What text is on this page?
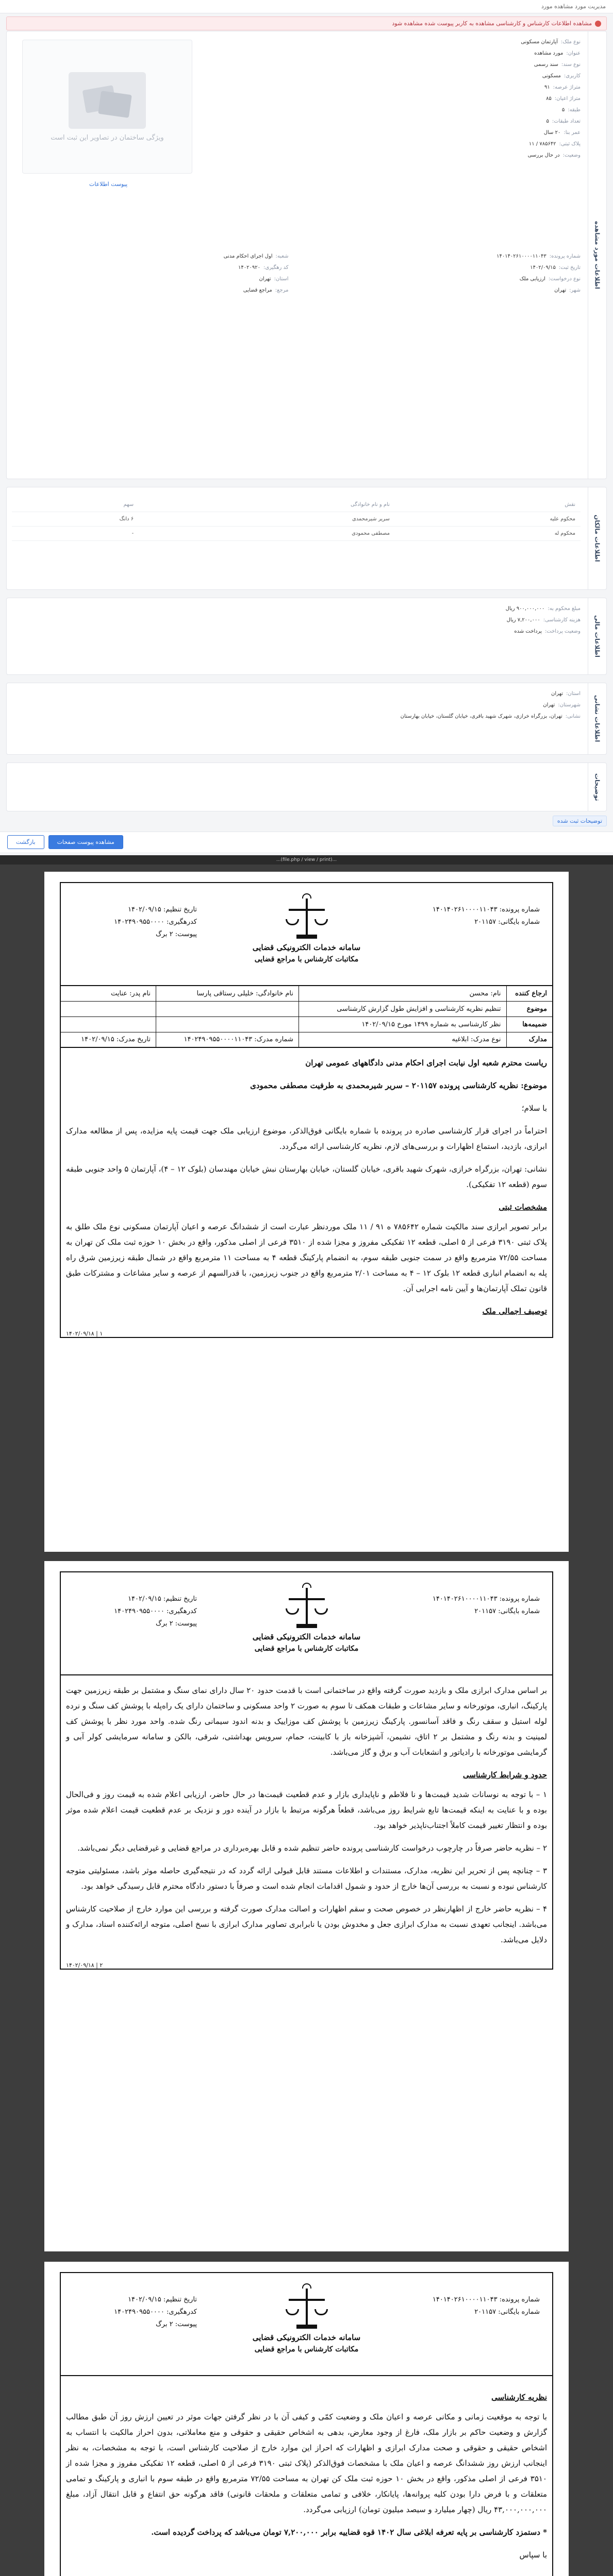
مدیریت مورد مشاهده مورد
مشاهده اطلاعات کارشناس و کارشناسی مشاهده به کاربر پیوست شده مشاهده شود
اطلاعات مورد مشاهده
ویژگی ساختمان در تصاویر این ثبت است
پیوست اطلاعات
نوع ملک:
آپارتمان مسکونی
عنوان:
مورد مشاهده
نوع سند:
سند رسمی
کاربری:
مسکونی
متراژ عرصه:
۹۱
متراژ اعیان:
۸۵
طبقه:
۵
تعداد طبقات:
۵
عمر بنا:
۲۰ سال
پلاک ثبتی:
۷۸۵۶۴۲ / ۱۱
وضعیت:
در حال بررسی
شماره پرونده:
۱۴۰۱۴۰۲۶۱۰۰۰۰۱۱۰۴۳
شعبه:
اول اجرای احکام مدنی
تاریخ ثبت:
۱۴۰۲/۰۹/۱۵
کد رهگیری:
۱۴۰۲۰۹۲۰
نوع درخواست:
ارزیابی ملک
استان:
تهران
شهر:
تهران
مرجع:
مراجع قضایی
اطلاعات مالکان
نقش	نام و نام خانوادگی	سهم
محکوم علیه	سریر شیرمحمدی	۶ دانگ
محکوم له	مصطفی محمودی	-
اطلاعات مالی
مبلغ محکوم به:
۹۰۰,۰۰۰,۰۰۰ ریال
هزینه کارشناسی:
۷,۲۰۰,۰۰۰ ریال
وضعیت پرداخت:
پرداخت شده
اطلاعات نشانی
استان:
تهران
شهرستان:
تهران
نشانی:
تهران، بزرگراه خرازی، شهرک شهید باقری، خیابان گلستان، خیابان بهارستان
توضیحات
توضیحات ثبت شده
مشاهده پیوست صفحات
بازگشت
...(file.php / view / print)...
شماره پرونده: ۱۴۰۱۴۰۲۶۱۰۰۰۰۱۱۰۴۳
شماره بایگانی: ۲۰۱۱۵۷
سامانه خدمات الکترونیکی قضایی
مکاتبات کارشناس با مراجع قضایی
تاریخ تنظیم: ۱۴۰۲/۰۹/۱۵
کدرهگیری: ۱۴۰۲۴۹۰۹۵۵۰۰۰۰
پیوست: ۲ برگ
ارجاع کننده	نام: محسن	نام خانوادگی: خلیلی رستاقی پارسا	نام پدر: عنایت
موضوع	تنظیم نظریه کارشناسی و افزایش طول گزارش کارشناسی		
ضمیمه‌ها	نظر کارشناسی به شماره ۱۴۹۹ مورخ ۱۴۰۲/۰۹/۱۵		
مدارک	نوع مدرک: ابلاغیه	شماره مدرک: ۱۴۰۲۴۹۰۹۵۵۰۰۰۰۱۱۰۴۳	تاریخ مدرک: ۱۴۰۲/۰۹/۱۵

ریاست محترم شعبه اول نیابت اجرای احکام مدنی دادگاههای عمومی تهران

موضوع: نظریه کارشناسی پرونده ۲۰۱۱۵۷ – سریر شیرمحمدی به طرفیت مصطفی محمودی

با سلام؛

احتراماً در اجرای قرار کارشناسی صادره در پرونده با شماره بایگانی فوق‌الذکر، موضوع ارزیابی ملک جهت قیمت پایه مزایده، پس از مطالعه مدارک ابرازی، بازدید، استماع اظهارات و بررسی‌های لازم، نظریه کارشناسی ارائه می‌گردد.

نشانی: تهران، بزرگراه خرازی، شهرک شهید باقری، خیابان گلستان، خیابان بهارستان نبش خیابان مهندسان (بلوک ۱۲ – ۴)، آپارتمان ۵ واحد جنوبی طبقه سوم (قطعه ۱۲ تفکیکی).

مشخصات ثبتی

برابر تصویر ابرازی سند مالکیت شماره ۷۸۵۶۴۲ ه ۹۱ / ۱۱ ملک موردنظر عبارت است از ششدانگ عرصه و اعیان آپارتمان مسکونی نوع ملک طلق به پلاک ثبتی ۳۱۹۰ فرعی از ۵ اصلی، قطعه ۱۲ تفکیکی مفروز و مجزا شده از ۳۵۱۰ فرعی از اصلی مذکور، واقع در بخش ۱۰ حوزه ثبت ملک کن تهران به مساحت ۷۲/۵۵ مترمربع واقع در سمت جنوبی طبقه سوم، به انضمام پارکینگ قطعه ۴ به مساحت ۱۱ مترمربع واقع در شمال طبقه زیرزمین شرق راه پله به انضمام انباری قطعه ۱۲ بلوک ۱۲ – ۴ به مساحت ۲/۰۱ مترمربع واقع در جنوب زیرزمین، با قدرالسهم از عرصه و سایر مشاعات و مشترکات طبق قانون تملک آپارتمان‌ها و آیین نامه اجرایی آن.

توصیف اجمالی ملک
۱۴۰۲/۰۹/۱۸ | ۱
شماره پرونده: ۱۴۰۱۴۰۲۶۱۰۰۰۰۱۱۰۴۳
شماره بایگانی: ۲۰۱۱۵۷
سامانه خدمات الکترونیکی قضایی
مکاتبات کارشناس با مراجع قضایی
تاریخ تنظیم: ۱۴۰۲/۰۹/۱۵
کدرهگیری: ۱۴۰۲۴۹۰۹۵۵۰۰۰۰
پیوست: ۲ برگ

بر اساس مدارک ابرازی ملک و بازدید صورت گرفته واقع در ساختمانی است با قدمت حدود ۲۰ سال دارای نمای سنگ و مشتمل بر طبقه زیرزمین جهت پارکینگ، انباری، موتورخانه و سایر مشاعات و طبقات همکف تا سوم به صورت ۲ واحد مسکونی و ساختمان دارای یک راه‌پله با پوشش کف سنگ و نرده لوله استیل و سقف رنگ و فاقد آسانسور. پارکینگ زیرزمین با پوشش کف موزاییک و بدنه اندود سیمانی رنگ شده. واحد مورد نظر با پوشش کف لمینیت و بدنه رنگ و مشتمل بر ۲ اتاق، نشیمن، آشپزخانه باز با کابینت، حمام، سرویس بهداشتی، شرقی، بالکن و سامانه سرمایشی کولر آبی و گرمایشی موتورخانه با رادیاتور و انشعابات آب و برق و گاز می‌باشد.

حدود و شرایط کارشناسی

۱ – با توجه به نوسانات شدید قیمت‌ها و نا فلاطم و ناپایداری بازار و عدم قطعیت قیمت‌ها در حال حاضر، ارزیابی اعلام شده به قیمت روز و فی‌الحال بوده و با عنایت به اینکه قیمت‌ها تابع شرایط روز می‌باشد، قطعاً هرگونه مرتبط با بازار در آینده دور و نزدیک بر عدم قطعیت قیمت اعلام شده موثر بوده و انتظار تغییر قیمت کاملاً اجتناب‌ناپذیر خواهد بود.

۲ – نظریه حاضر صرفاً در چارچوب درخواست کارشناسی پرونده حاضر تنظیم شده و قابل بهره‌برداری در مراجع قضایی و غیرقضایی دیگر نمی‌باشد.

۳ – چنانچه پس از تحریر این نظریه، مدارک، مستندات و اطلاعات مستند قابل قبولی ارائه گردد که در نتیجه‌گیری حاصله موثر باشد، مسئولیتی متوجه کارشناس نبوده و نسبت به بررسی آن‌ها خارج از حدود و شمول اقدامات انجام شده است و صرفاً با دستور دادگاه محترم قابل رسیدگی خواهد بود.

۴ – نظریه حاضر خارج از اظهارنظر در خصوص صحت و سقم اظهارات و اصالت مدارک صورت گرفته و بررسی این موارد خارج از صلاحیت کارشناس می‌باشد. اینجانب تعهدی نسبت به مدارک ابرازی جعل و مخدوش بودن یا نابرابری تصاویر مدارک ابرازی با نسخ اصلی، متوجه ارائه‌کننده اسناد، مدارک و دلایل می‌باشد.

۱۴۰۲/۰۹/۱۸ | ۲
شماره پرونده: ۱۴۰۱۴۰۲۶۱۰۰۰۰۱۱۰۴۳
شماره بایگانی: ۲۰۱۱۵۷
سامانه خدمات الکترونیکی قضایی
مکاتبات کارشناس با مراجع قضایی
تاریخ تنظیم: ۱۴۰۲/۰۹/۱۵
کدرهگیری: ۱۴۰۲۴۹۰۹۵۵۰۰۰۰
پیوست: ۲ برگ
نظریه کارشناسی

با توجه به موقعیت زمانی و مکانی عرصه و اعیان ملک و وضعیت کمّی و کیفی آن با در نظر گرفتن جهات موثر در تعیین ارزش روز آن طبق مطالب گزارش و وضعیت حاکم بر بازار ملک، فارغ از وجود معارض، بدهی به اشخاص حقیقی و حقوقی و منع معاملاتی، بدون احراز مالکیت با انتساب به اشخاص حقیقی و حقوقی و صحت مدارک ابرازی و اظهارات که احراز این موارد خارج از صلاحیت کارشناس است، با توجه به مشخصات، به نظر اینجانب ارزش روز ششدانگ عرصه و اعیان ملک با مشخصات فوق‌الذکر (پلاک ثبتی ۳۱۹۰ فرعی از ۵ اصلی، قطعه ۱۲ تفکیکی مفروز و مجزا شده از ۳۵۱۰ فرعی از اصلی مذکور، واقع در بخش ۱۰ حوزه ثبت ملک کن تهران به مساحت ۷۲/۵۵ مترمربع واقع در طبقه سوم با انباری و پارکینگ و تمامی متعلقات و با فرض دارا بودن کلیه پروانه‌ها، پایانکار، خلافی و تمامی متعلقات و ملحقات قانونی) فاقد هرگونه حق انتفاع و قابل انتقال آزاد، مبلغ ۴۳,۰۰۰,۰۰۰,۰۰۰ ریال (چهار میلیارد و سیصد میلیون تومان) ارزیابی می‌گردد.

* دستمزد کارشناسی بر پایه تعرفه ابلاغی سال ۱۴۰۲ قوه قضاییه برابر ۷,۲۰۰,۰۰۰ تومان می‌باشد که پرداخت گردیده است.

با سپاس
